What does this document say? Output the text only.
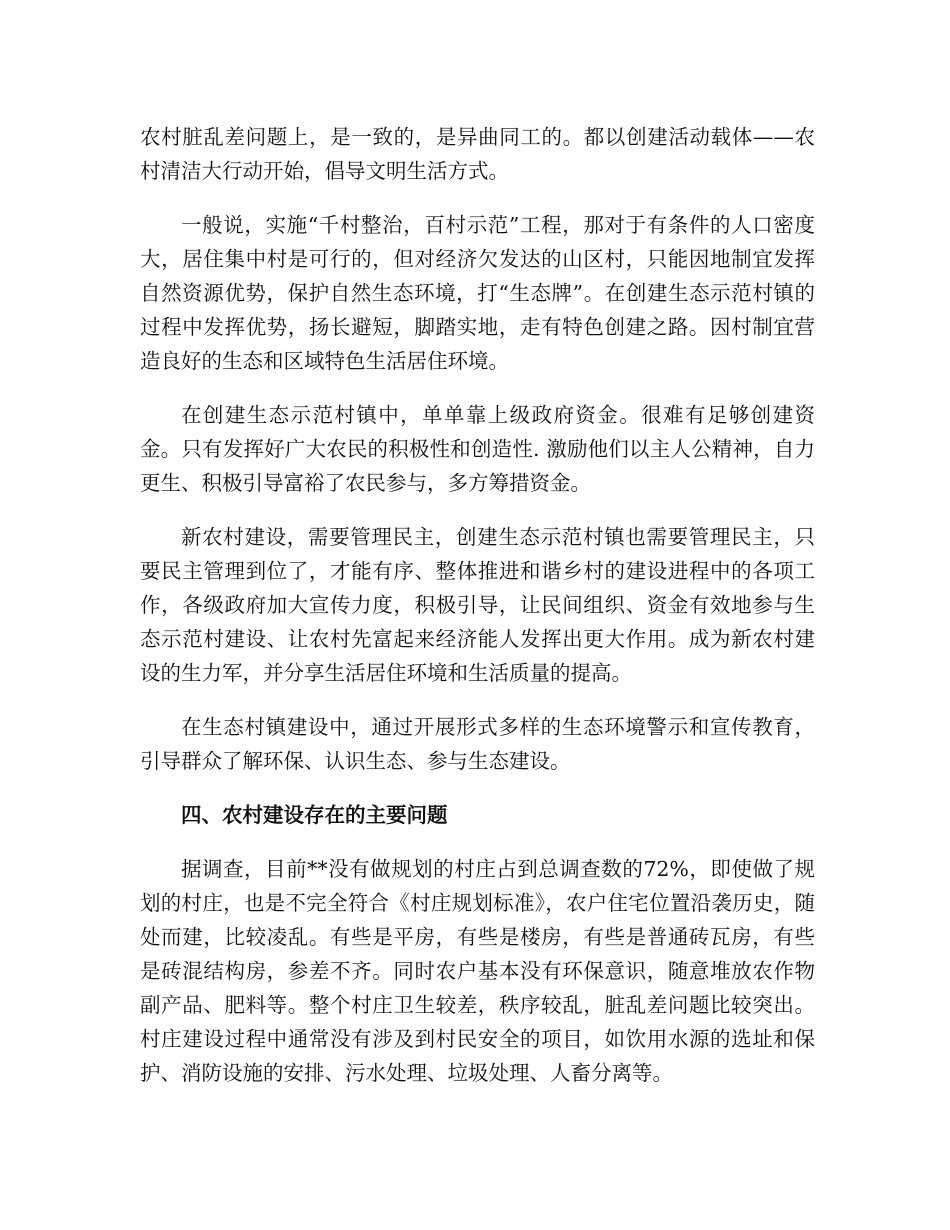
农村脏乱差问题上，是一致的，是异曲同工的。都以创建活动载体——农村清洁大行动开始，倡导文明生活方式。

一般说，实施“千村整治，百村示范”工程，那对于有条件的人口密度大，居住集中村是可行的，但对经济欠发达的山区村，只能因地制宜发挥自然资源优势，保护自然生态环境，打“生态牌”。在创建生态示范村镇的过程中发挥优势，扬长避短，脚踏实地，走有特色创建之路。因村制宜营造良好的生态和区域特色生活居住环境。

在创建生态示范村镇中，单单靠上级政府资金。很难有足够创建资金。只有发挥好广大农民的积极性和创造性. 激励他们以主人公精神，自力更生、积极引导富裕了农民参与，多方筹措资金。

新农村建设，需要管理民主，创建生态示范村镇也需要管理民主，只要民主管理到位了，才能有序、整体推进和谐乡村的建设进程中的各项工作，各级政府加大宣传力度，积极引导，让民间组织、资金有效地参与生态示范村建设、让农村先富起来经济能人发挥出更大作用。成为新农村建设的生力军，并分享生活居住环境和生活质量的提高。

在生态村镇建设中，通过开展形式多样的生态环境警示和宣传教育，引导群众了解环保、认识生态、参与生态建设。

四、农村建设存在的主要问题

据调查，目前**没有做规划的村庄占到总调查数的72%，即使做了规划的村庄，也是不完全符合《村庄规划标准》，农户住宅位置沿袭历史，随处而建，比较凌乱。有些是平房，有些是楼房，有些是普通砖瓦房，有些是砖混结构房，参差不齐。同时农户基本没有环保意识，随意堆放农作物副产品、肥料等。整个村庄卫生较差，秩序较乱，脏乱差问题比较突出。村庄建设过程中通常没有涉及到村民安全的项目，如饮用水源的选址和保护、消防设施的安排、污水处理、垃圾处理、人畜分离等。
